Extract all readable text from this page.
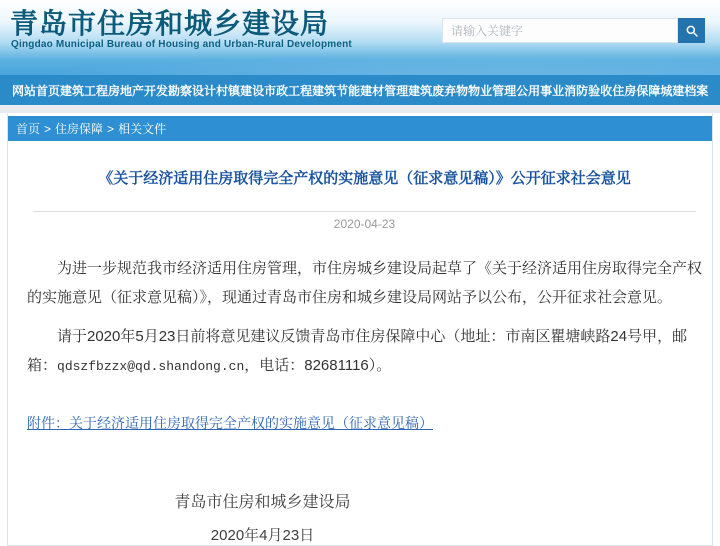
青岛市住房和城乡建设局
Qingdao Municipal Bureau of Housing and Urban-Rural Development
请输入关键字
网站首页 建筑工程 房地产开发 勘察设计 村镇建设 市政工程 建筑节能 建材管理 建筑废弃物 物业管理 公用事业 消防验收 住房保障 城建档案
首页 > 住房保障 > 相关文件
《关于经济适用住房取得完全产权的实施意见（征求意见稿）》公开征求社会意见
2020-04-23

为进一步规范我市经济适用住房管理，市住房城乡建设局起草了《关于经济适用住房取得完全产权的实施意见（征求意见稿）》，现通过青岛市住房和城乡建设局网站予以公布，公开征求社会意见。

请于2020年5月23日前将意见建议反馈青岛市住房保障中心（地址：市南区瞿塘峡路24号甲，邮箱：qdszfbzzx@qd.shandong.cn，电话：82681116）。

附件：关于经济适用住房取得完全产权的实施意见（征求意见稿）
青岛市住房和城乡建设局
2020年4月23日
